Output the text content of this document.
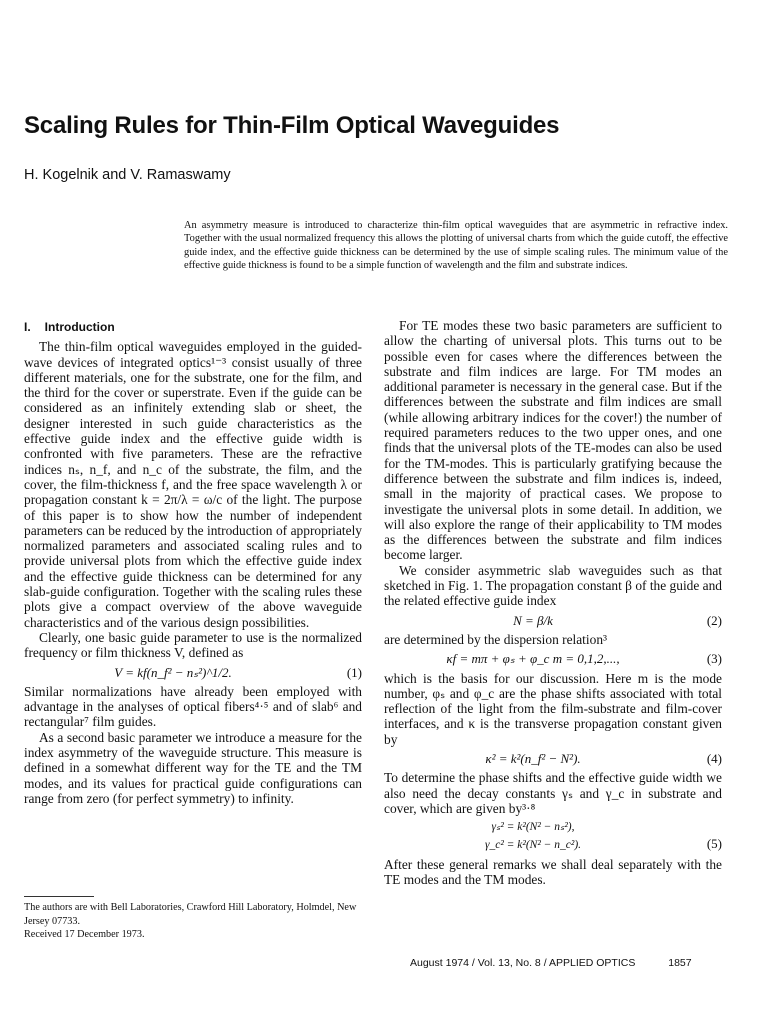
Scaling Rules for Thin-Film Optical Waveguides

H. Kogelnik and V. Ramaswamy

An asymmetry measure is introduced to characterize thin-film optical waveguides that are asymmetric in refractive index. Together with the usual normalized frequency this allows the plotting of universal charts from which the guide cutoff, the effective guide index, and the effective guide thickness can be determined by the use of simple scaling rules. The minimum value of the effective guide thickness is found to be a simple function of wavelength and the film and substrate indices.

I. Introduction

The thin-film optical waveguides employed in the guided-wave devices of integrated optics¹⁻³ consist usually of three different materials, one for the substrate, one for the film, and the third for the cover or superstrate. Even if the guide can be considered as an infinitely extending slab or sheet, the designer interested in such guide characteristics as the effective guide index and the effective guide width is confronted with five parameters. These are the refractive indices nₛ, n_f, and n_c of the substrate, the film, and the cover, the film-thickness f, and the free space wavelength λ or propagation constant k = 2π/λ = ω/c of the light. The purpose of this paper is to show how the number of independent parameters can be reduced by the introduction of appropriately normalized parameters and associated scaling rules and to provide universal plots from which the effective guide index and the effective guide thickness can be determined for any slab-guide configuration. Together with the scaling rules these plots give a compact overview of the above waveguide characteristics and of the various design possibilities.

Clearly, one basic guide parameter to use is the normalized frequency or film thickness V, defined as

V = kf(n_f² − nₛ²)^1/2.	(1)

Similar normalizations have already been employed with advantage in the analyses of optical fibers⁴·⁵ and of slab⁶ and rectangular⁷ film guides.

As a second basic parameter we introduce a measure for the index asymmetry of the waveguide structure. This measure is defined in a somewhat different way for the TE and the TM modes, and its values for practical guide configurations can range from zero (for perfect symmetry) to infinity.

The authors are with Bell Laboratories, Crawford Hill Laboratory, Holmdel, New Jersey 07733.
Received 17 December 1973.

For TE modes these two basic parameters are sufficient to allow the charting of universal plots. This turns out to be possible even for cases where the differences between the substrate and film indices are large. For TM modes an additional parameter is necessary in the general case. But if the differences between the substrate and film indices are small (while allowing arbitrary indices for the cover!) the number of required parameters reduces to the two upper ones, and one finds that the universal plots of the TE-modes can also be used for the TM-modes. This is particularly gratifying because the difference between the substrate and film indices is, indeed, small in the majority of practical cases. We propose to investigate the universal plots in some detail. In addition, we will also explore the range of their applicability to TM modes as the differences between the substrate and film indices become larger.

We consider asymmetric slab waveguides such as that sketched in Fig. 1. The propagation constant β of the guide and the related effective guide index

N = β/k	(2)

are determined by the dispersion relation³

κf = mπ + φₛ + φ_c m = 0,1,2,...,	(3)

which is the basis for our discussion. Here m is the mode number, φₛ and φ_c are the phase shifts associated with total reflection of the light from the film-substrate and film-cover interfaces, and κ is the transverse propagation constant given by

κ² = k²(n_f² − N²).	(4)

To determine the phase shifts and the effective guide width we also need the decay constants γₛ and γ_c in substrate and cover, which are given by³·⁸

γₛ² = k²(N² − nₛ²),
γ_c² = k²(N² − n_c²).	(5)

After these general remarks we shall deal separately with the TE modes and the TM modes.

August 1974 / Vol. 13, No. 8 / APPLIED OPTICS	1857
